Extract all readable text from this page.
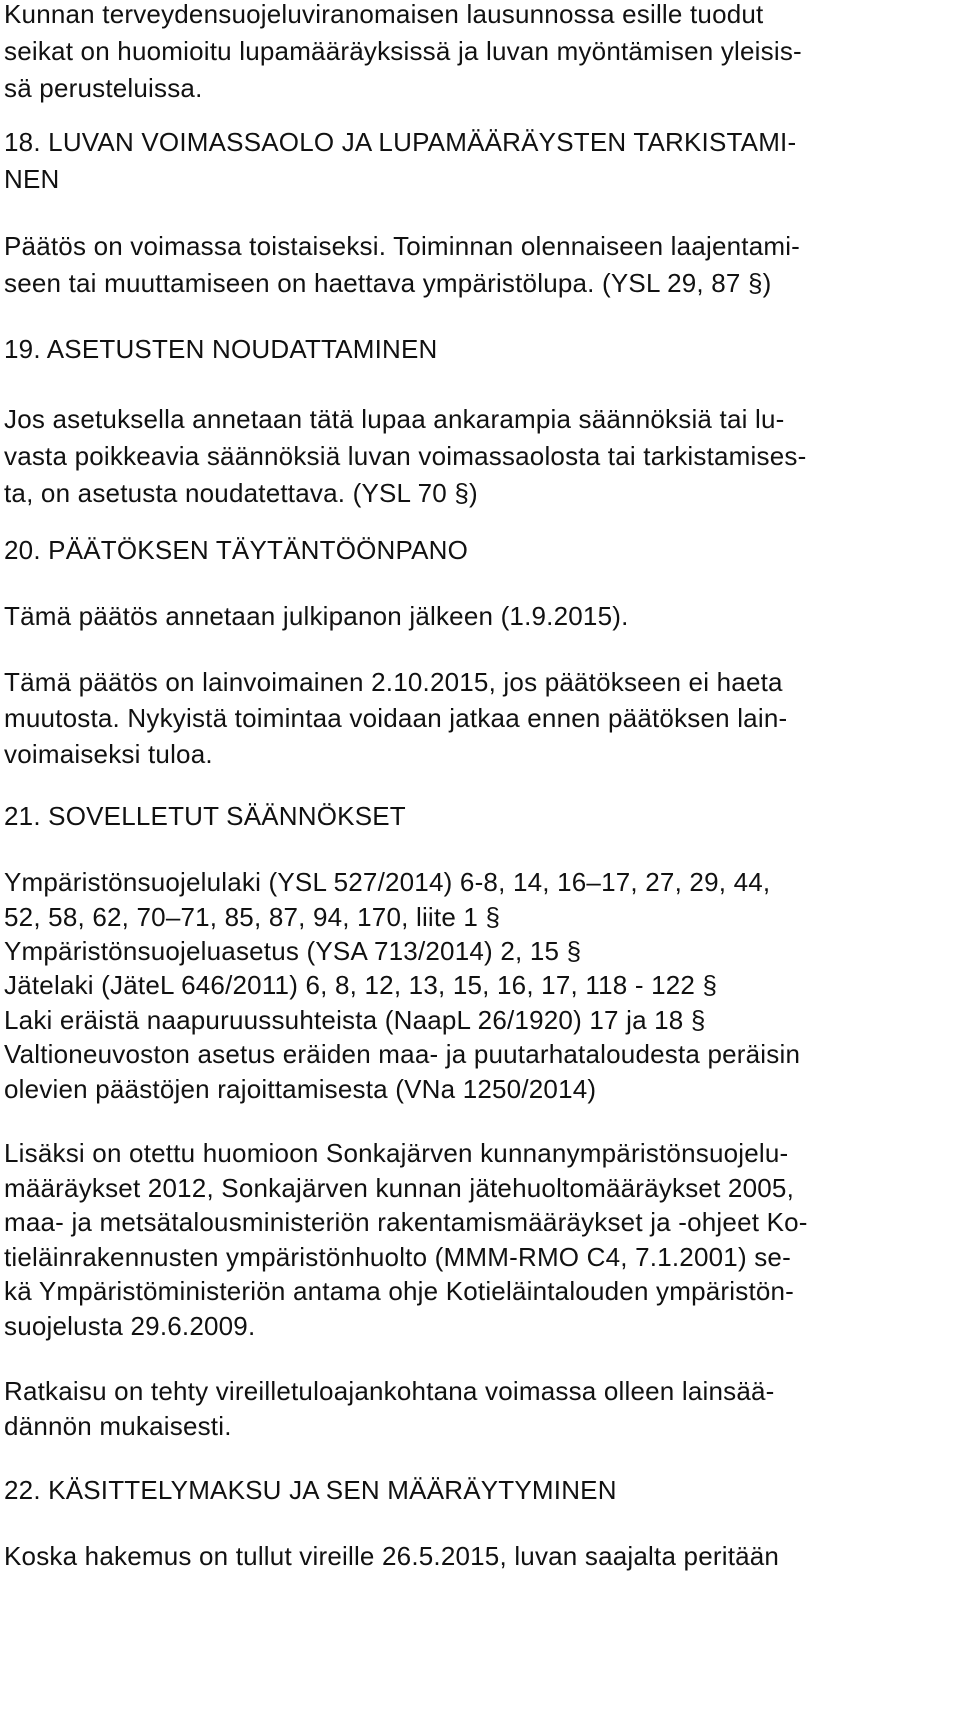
Kunnan terveydensuojeluviranomaisen lausunnossa esille tuodut

seikat on huomioitu lupamääräyksissä ja luvan myöntämisen yleisis-

sä perusteluissa.

18. LUVAN VOIMASSAOLO JA LUPAMÄÄRÄYSTEN TARKISTAMI-

NEN

Päätös on voimassa toistaiseksi. Toiminnan olennaiseen laajentami-

seen tai muuttamiseen on haettava ympäristölupa. (YSL 29, 87 §)

19. ASETUSTEN NOUDATTAMINEN

Jos asetuksella annetaan tätä lupaa ankarampia säännöksiä tai lu-

vasta poikkeavia säännöksiä luvan voimassaolosta tai tarkistamises-

ta, on asetusta noudatettava. (YSL 70 §)

20. PÄÄTÖKSEN TÄYTÄNTÖÖNPANO

Tämä päätös annetaan julkipanon jälkeen (1.9.2015).

Tämä päätös on lainvoimainen 2.10.2015, jos päätökseen ei haeta

muutosta. Nykyistä toimintaa voidaan jatkaa ennen päätöksen lain-

voimaiseksi tuloa.

21. SOVELLETUT SÄÄNNÖKSET

Ympäristönsuojelulaki (YSL 527/2014) 6-8, 14, 16–17, 27, 29, 44,

52, 58, 62, 70–71, 85, 87, 94, 170, liite 1 §

Ympäristönsuojeluasetus (YSA 713/2014) 2, 15 §

Jätelaki (JäteL 646/2011) 6, 8, 12, 13, 15, 16, 17, 118 - 122 §

Laki eräistä naapuruussuhteista (NaapL 26/1920) 17 ja 18 §

Valtioneuvoston asetus eräiden maa- ja puutarhataloudesta peräisin

olevien päästöjen rajoittamisesta (VNa 1250/2014)

Lisäksi on otettu huomioon Sonkajärven kunnanympäristönsuojelu-

määräykset 2012, Sonkajärven kunnan jätehuoltomääräykset 2005,

maa- ja metsätalousministeriön rakentamismääräykset ja -ohjeet Ko-

tieläinrakennusten ympäristönhuolto (MMM-RMO C4, 7.1.2001) se-

kä Ympäristöministeriön antama ohje Kotieläintalouden ympäristön-

suojelusta 29.6.2009.

Ratkaisu on tehty vireilletuloajankohtana voimassa olleen lainsää-

dännön mukaisesti.

22. KÄSITTELYMAKSU JA SEN MÄÄRÄYTYMINEN

Koska hakemus on tullut vireille 26.5.2015, luvan saajalta peritään
